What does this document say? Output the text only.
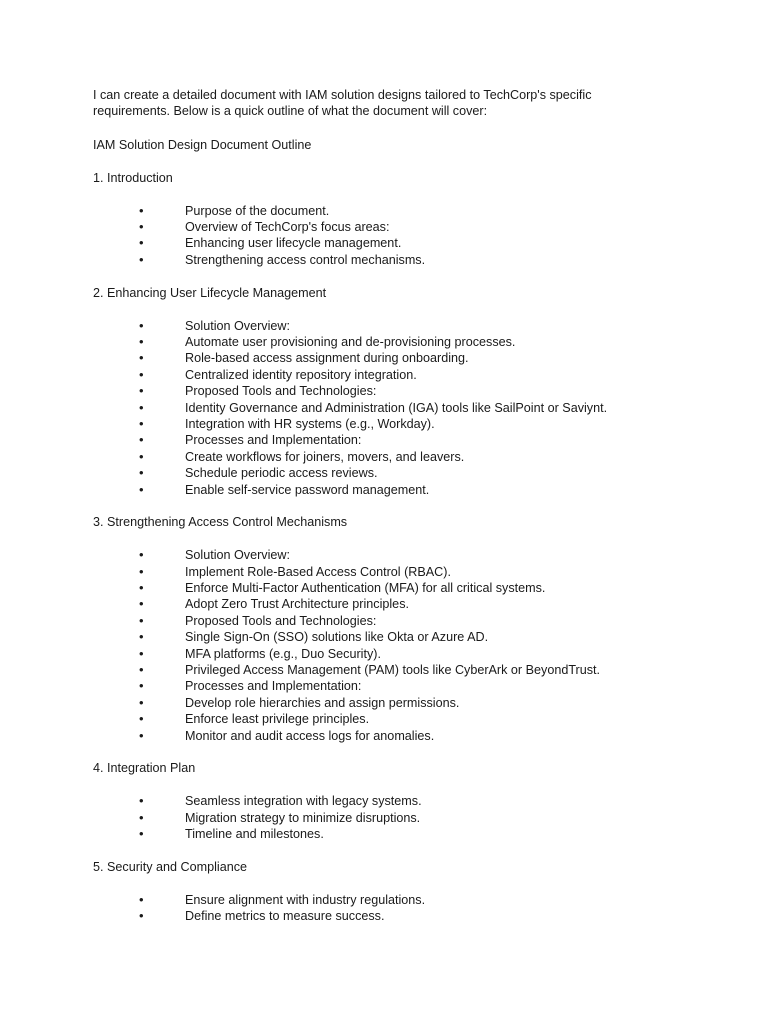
I can create a detailed document with IAM solution designs tailored to TechCorp's specific requirements. Below is a quick outline of what the document will cover:

IAM Solution Design Document Outline

1. Introduction

•	Purpose of the document.
•	Overview of TechCorp's focus areas:
•	Enhancing user lifecycle management.
•	Strengthening access control mechanisms.

2. Enhancing User Lifecycle Management

•	Solution Overview:
•	Automate user provisioning and de-provisioning processes.
•	Role-based access assignment during onboarding.
•	Centralized identity repository integration.
•	Proposed Tools and Technologies:
•	Identity Governance and Administration (IGA) tools like SailPoint or Saviynt.
•	Integration with HR systems (e.g., Workday).
•	Processes and Implementation:
•	Create workflows for joiners, movers, and leavers.
•	Schedule periodic access reviews.
•	Enable self-service password management.

3. Strengthening Access Control Mechanisms

•	Solution Overview:
•	Implement Role-Based Access Control (RBAC).
•	Enforce Multi-Factor Authentication (MFA) for all critical systems.
•	Adopt Zero Trust Architecture principles.
•	Proposed Tools and Technologies:
•	Single Sign-On (SSO) solutions like Okta or Azure AD.
•	MFA platforms (e.g., Duo Security).
•	Privileged Access Management (PAM) tools like CyberArk or BeyondTrust.
•	Processes and Implementation:
•	Develop role hierarchies and assign permissions.
•	Enforce least privilege principles.
•	Monitor and audit access logs for anomalies.

4. Integration Plan

•	Seamless integration with legacy systems.
•	Migration strategy to minimize disruptions.
•	Timeline and milestones.

5. Security and Compliance

•	Ensure alignment with industry regulations.
•	Define metrics to measure success.
